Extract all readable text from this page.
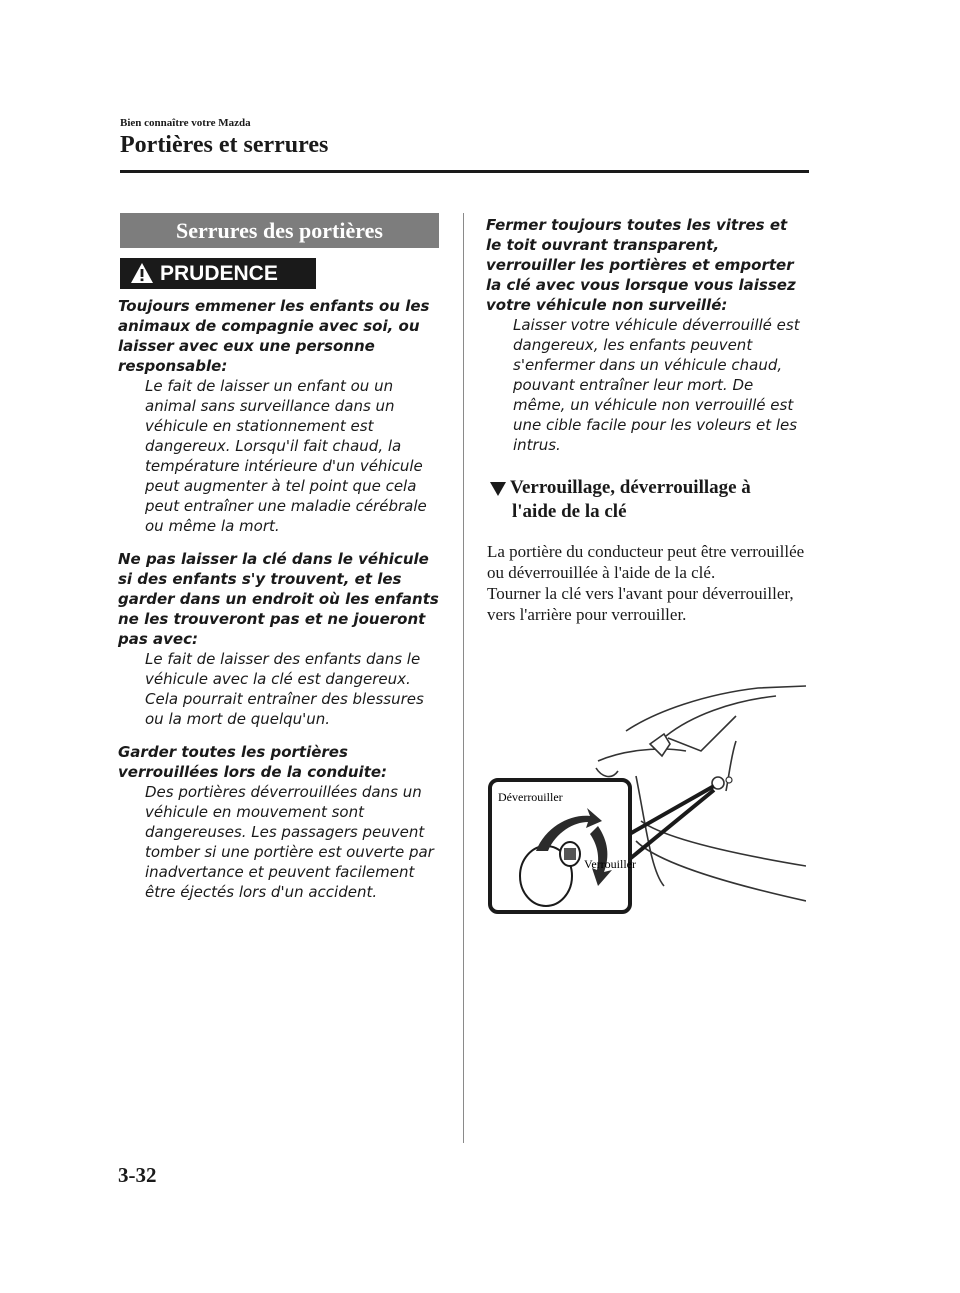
Bien connaître votre Mazda
Portières et serrures
Serrures des portières
PRUDENCE
Toujours emmener les enfants ou les animaux de compagnie avec soi, ou laisser avec eux une personne responsable:
Le fait de laisser un enfant ou un animal sans surveillance dans un véhicule en stationnement est dangereux. Lorsqu'il fait chaud, la température intérieure d'un véhicule peut augmenter à tel point que cela peut entraîner une maladie cérébrale ou même la mort.
Ne pas laisser la clé dans le véhicule si des enfants s'y trouvent, et les garder dans un endroit où les enfants ne les trouveront pas et ne joueront pas avec:
Le fait de laisser des enfants dans le véhicule avec la clé est dangereux. Cela pourrait entraîner des blessures ou la mort de quelqu'un.
Garder toutes les portières verrouillées lors de la conduite:
Des portières déverrouillées dans un véhicule en mouvement sont dangereuses. Les passagers peuvent tomber si une portière est ouverte par inadvertance et peuvent facilement être éjectés lors d'un accident.
Fermer toujours toutes les vitres et le toit ouvrant transparent, verrouiller les portières et emporter la clé avec vous lorsque vous laissez votre véhicule non surveillé:
Laisser votre véhicule déverrouillé est dangereux, les enfants peuvent s'enfermer dans un véhicule chaud, pouvant entraîner leur mort. De même, un véhicule non verrouillé est une cible facile pour les voleurs et les intrus.
Verrouillage, déverrouillage à
l'aide de la clé
La portière du conducteur peut être verrouillée ou déverrouillée à l'aide de la clé.
Tourner la clé vers l'avant pour déverrouiller, vers l'arrière pour verrouiller.
Déverrouiller
Verrouiller
3-32
